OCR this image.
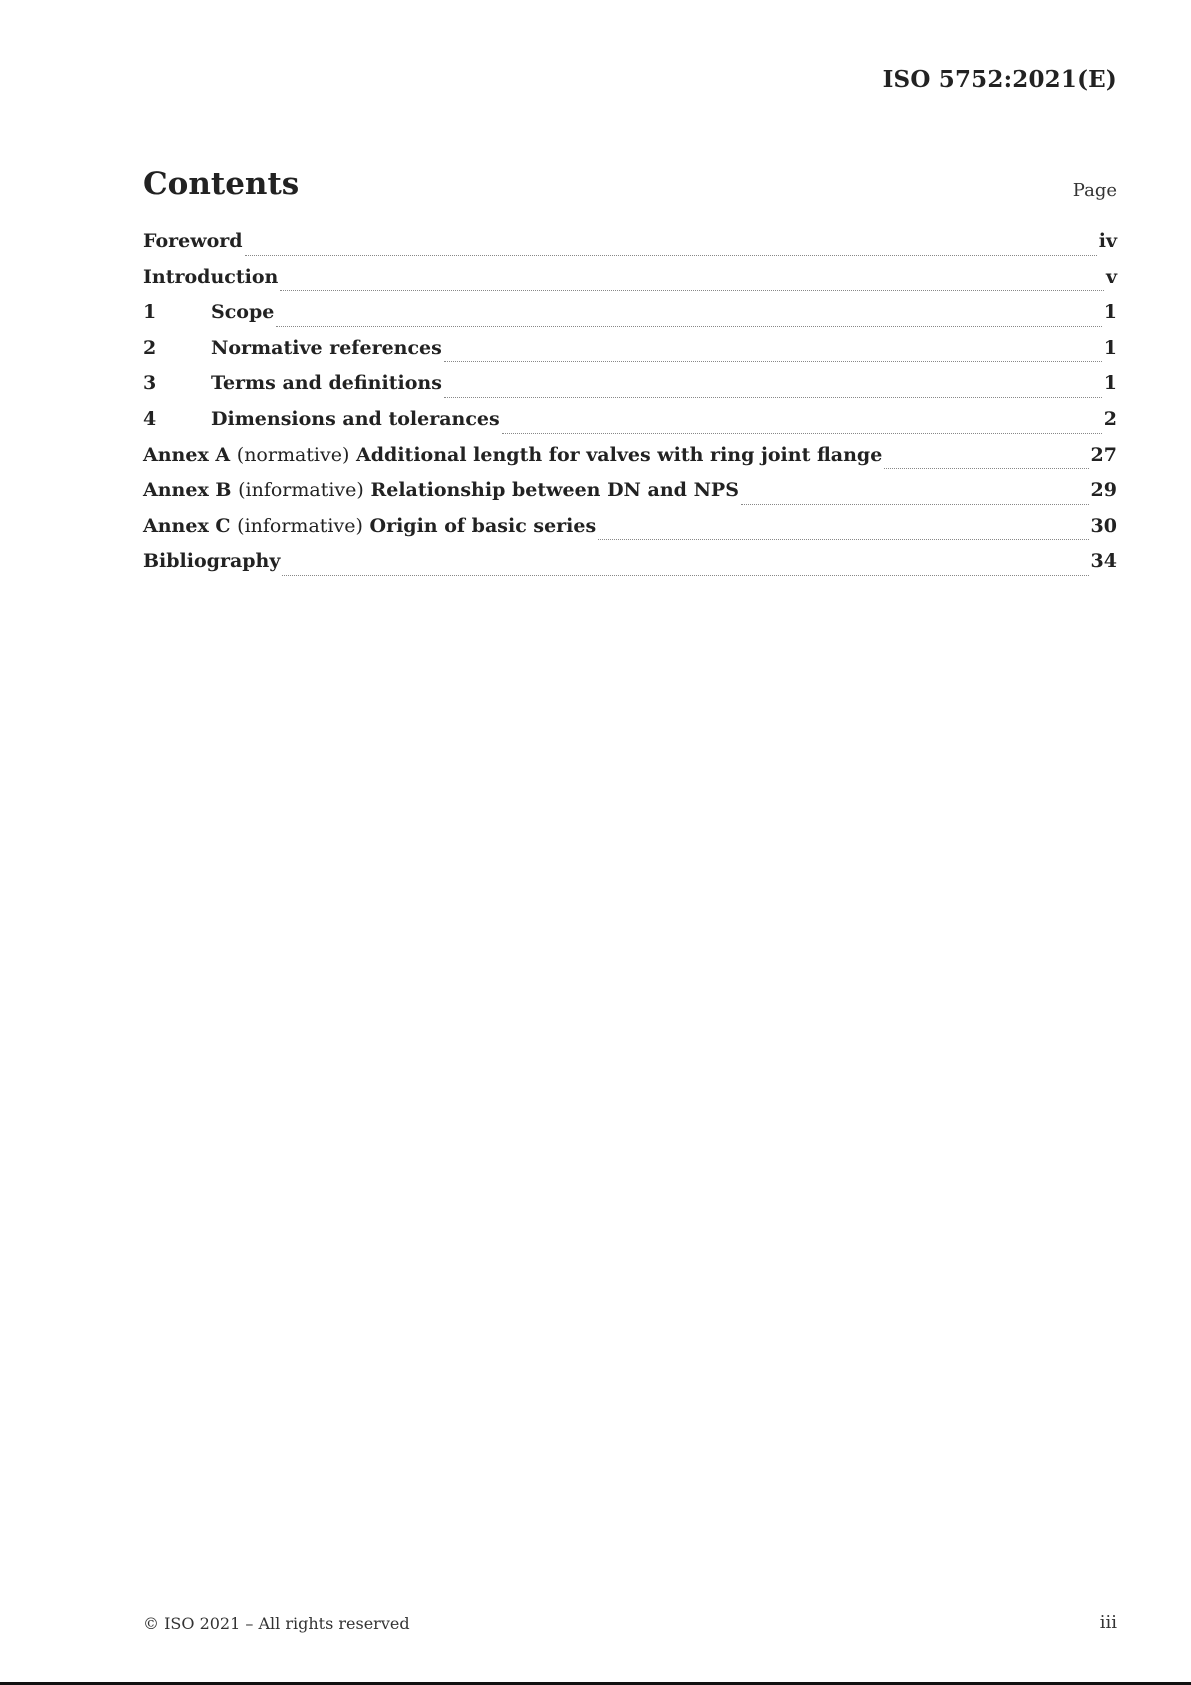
ISO 5752:2021(E)
Contents	Page
Foreword	iv
Introduction	v
1	Scope	1
2	Normative references	1
3	Terms and definitions	1
4	Dimensions and tolerances	2
Annex A (normative) Additional length for valves with ring joint flange	27
Annex B (informative) Relationship between DN and NPS	29
Annex C (informative) Origin of basic series	30
Bibliography	34
© ISO 2021 – All rights reserved	iii
